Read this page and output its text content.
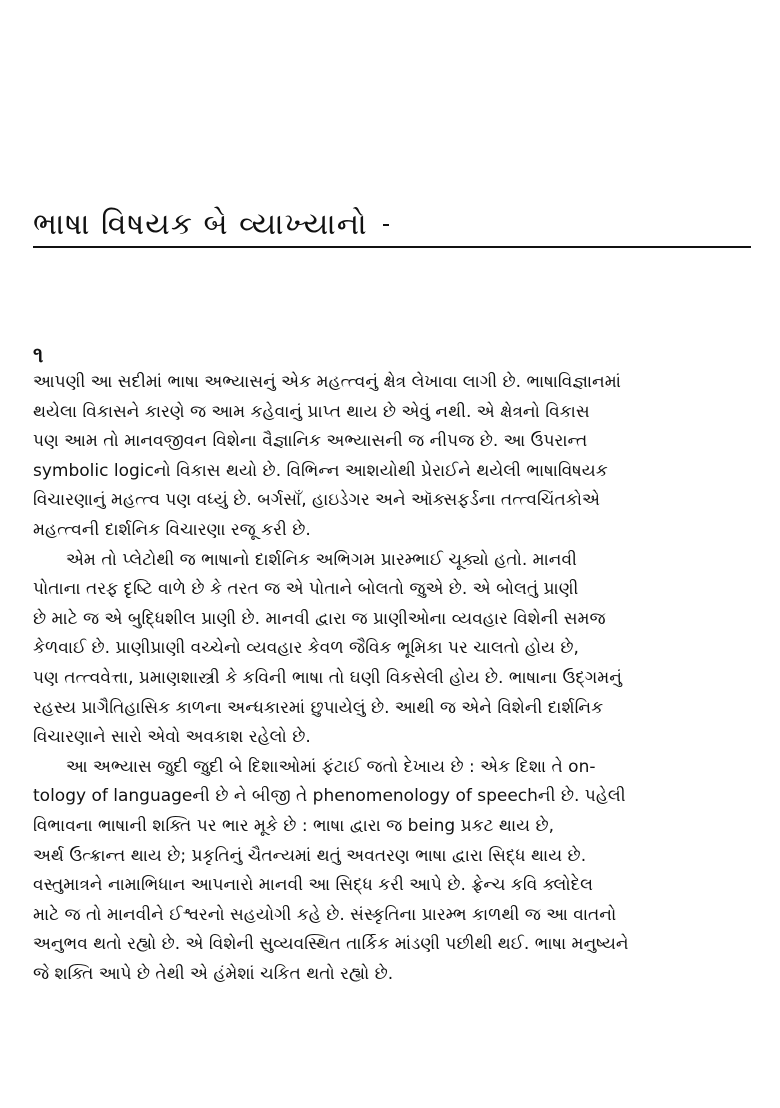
ભાષા વિષયક બે વ્યાખ્યાનો
૧
આપણી આ સદીમાં ભાષા અભ્યાસનું એક મહત્ત્વનું ક્ષેત્ર લેખાવા લાગી છે. ભાષાવિજ્ઞાનમાં
થયેલા વિકાસને કારણે જ આમ કહેવાનું પ્રાપ્ત થાય છે એવું નથી. એ ક્ષેત્રનો વિકાસ
પણ આમ તો માનવજીવન વિશેના વૈજ્ઞાનિક અભ્યાસની જ નીપજ છે. આ ઉપરાન્ત
symbolic logicનો વિકાસ થયો છે. વિભિન્ન આશયોથી પ્રેરાઈને થયેલી ભાષાવિષયક
વિચારણાનું મહત્ત્વ પણ વધ્યું છે. બર્ગસાઁ, હાઇડેગર અને ઑક્સફર્ડના તત્ત્વચિંતકોએ
મહત્ત્વની દાર્શનિક વિચારણા રજૂ કરી છે.
એમ તો પ્લેટોથી જ ભાષાનો દાર્શનિક અભિગમ પ્રારમ્ભાઈ ચૂક્યો હતો. માનવી
પોતાના તરફ દૃષ્ટિ વાળે છે કે તરત જ એ પોતાને બોલતો જુએ છે. એ બોલતું પ્રાણી
છે માટે જ એ બુદ્ધિશીલ પ્રાણી છે. માનવી દ્વારા જ પ્રાણીઓના વ્યવહાર વિશેની સમજ
કેળવાઈ છે. પ્રાણીપ્રાણી વચ્ચેનો વ્યવહાર કેવળ જૈવિક ભૂમિકા પર ચાલતો હોય છે,
પણ તત્ત્વવેત્તા, પ્રમાણશાસ્ત્રી કે કવિની ભાષા તો ઘણી વિકસેલી હોય છે. ભાષાના ઉદ્ગમનું
રહસ્ય પ્રાગૈતિહાસિક કાળના અન્ધકારમાં છુપાયેલું છે. આથી જ એને વિશેની દાર્શનિક
વિચારણાને સારો એવો અવકાશ રહેલો છે.
આ અભ્યાસ જુદી જુદી બે દિશાઓમાં ફંટાઈ જતો દેખાય છે : એક દિશા તે on-
tology of languageની છે ને બીજી તે phenomenology of speechની છે. પહેલી
વિભાવના ભાષાની શક્તિ પર ભાર મૂકે છે : ભાષા દ્વારા જ being પ્રકટ થાય છે,
અર્થ ઉત્ક્રાન્ત થાય છે; પ્રકૃતિનું ચૈતન્યમાં થતું અવતરણ ભાષા દ્વારા સિદ્ધ થાય છે.
વસ્તુમાત્રને નામાભિધાન આપનારો માનવી આ સિદ્ધ કરી આપે છે. ફ્રેન્ચ કવિ ક્લોદેલ
માટે જ તો માનવીને ઈશ્વરનો સહયોગી કહે છે. સંસ્કૃતિના પ્રારમ્ભ કાળથી જ આ વાતનો
અનુભવ થતો રહ્યો છે. એ વિશેની સુવ્યવસ્થિત તાર્કિક માંડણી પછીથી થઈ. ભાષા મનુષ્યને
જે શક્તિ આપે છે તેથી એ હંમેશાં ચકિત થતો રહ્યો છે.
